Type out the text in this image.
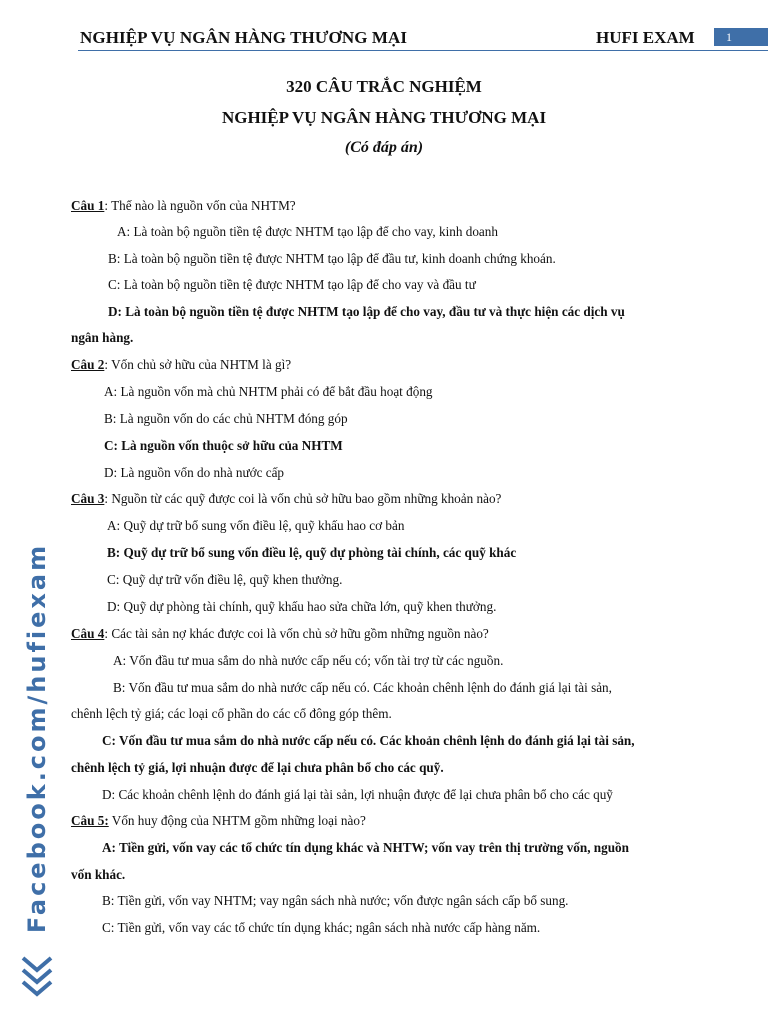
NGHIỆP VỤ NGÂN HÀNG THƯƠNG MẠI	HUFI EXAM	1
Facebook.com/hufiexam
320 CÂU TRẮC NGHIỆM
NGHIỆP VỤ NGÂN HÀNG THƯƠNG MẠI
(Có đáp án)
Câu 1: Thế nào là nguồn vốn của NHTM?
A: Là toàn bộ nguồn tiền tệ được NHTM tạo lập để cho vay, kinh doanh
B: Là toàn bộ nguồn tiền tệ được NHTM tạo lập để đầu tư, kinh doanh chứng khoán.
C: Là toàn bộ nguồn tiền tệ được NHTM tạo lập để cho vay và đầu tư
D: Là toàn bộ nguồn tiền tệ được NHTM tạo lập để cho vay, đầu tư và thực hiện các dịch vụ
ngân hàng.
Câu 2: Vốn chủ sở hữu của NHTM là gì?
A: Là nguồn vốn mà chủ NHTM phải có để bắt đầu hoạt động
B: Là nguồn vốn do các chủ NHTM đóng góp
C: Là nguồn vốn thuộc sở hữu của NHTM
D: Là nguồn vốn do nhà nước cấp
Câu 3: Nguồn từ các quỹ được coi là vốn chủ sở hữu bao gồm những khoản nào?
A: Quỹ dự trữ bổ sung vốn điều lệ, quỹ khấu hao cơ bản
B: Quỹ dự trữ bổ sung vốn điều lệ, quỹ dự phòng tài chính, các quỹ khác
C: Quỹ dự trữ vốn điều lệ, quỹ khen thưởng.
D: Quỹ dự phòng tài chính, quỹ khấu hao sửa chữa lớn, quỹ khen thưởng.
Câu 4: Các tài sản nợ khác được coi là vốn chủ sở hữu gồm những nguồn nào?
A: Vốn đầu tư mua sắm do nhà nước cấp nếu có; vốn tài trợ từ các nguồn.
B: Vốn đầu tư mua sắm do nhà nước cấp nếu có. Các khoản chênh lệnh do đánh giá lại tài sản,
chênh lệch tỷ giá; các loại cổ phần do các cổ đông góp thêm.
C: Vốn đầu tư mua sắm do nhà nước cấp nếu có. Các khoản chênh lệnh do đánh giá lại tài sản,
chênh lệch tỷ giá, lợi nhuận được để lại chưa phân bổ cho các quỹ.
D: Các khoản chênh lệnh do đánh giá lại tài sản, lợi nhuận được để lại chưa phân bổ cho các quỹ
Câu 5: Vốn huy động của NHTM gồm những loại nào?
A: Tiền gửi, vốn vay các tổ chức tín dụng khác và NHTW; vốn vay trên thị trường vốn, nguồn
vốn khác.
B: Tiền gửi, vốn vay NHTM; vay ngân sách nhà nước; vốn được ngân sách cấp bổ sung.
C: Tiền gửi, vốn vay các tổ chức tín dụng khác; ngân sách nhà nước cấp hàng năm.
